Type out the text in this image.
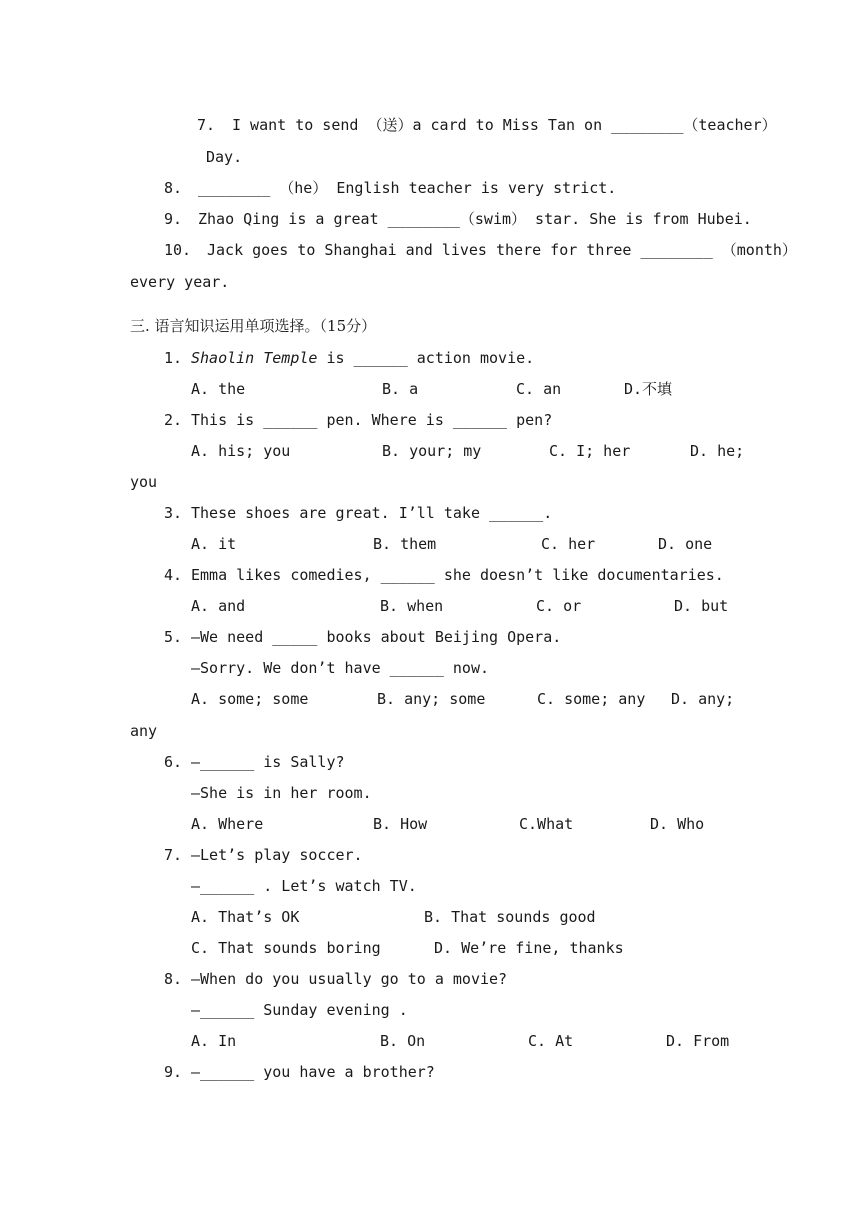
7. I want to send （送）a card to Miss Tan on ________（teacher）
Day.
8. ________ （he） English teacher is very strict.
9. Zhao Qing is a great ________（swim） star. She is from Hubei.
10. Jack goes to Shanghai and lives there for three ________ （month）
every year.
三. 语言知识运用单项选择。（15分）
1. Shaolin Temple is ______ action movie.
A. the	B. a	C. an	D.不填
2. This is ______ pen. Where is ______ pen?
A. his; you	B. your; my	C. I; her	D. he;
you
3. These shoes are great. I’ll take ______.
A. it	B. them	C. her	D. one
4. Emma likes comedies, ______ she doesn’t like documentaries.
A. and	B. when	C. or	D. but
5. —We need _____ books about Beijing Opera.
—Sorry. We don’t have ______ now.
A. some; some	B. any; some	C. some; any D. any;
any
6. —______ is Sally?
—She is in her room.
A. Where	B. How	C.What	D. Who
7. —Let’s play soccer.
—______ . Let’s watch TV.
A. That’s OK	B. That sounds good
C. That sounds boring	D. We’re fine, thanks
8. —When do you usually go to a movie?
—______ Sunday evening .
A. In	B. On	C. At	D. From
9. —______ you have a brother?
